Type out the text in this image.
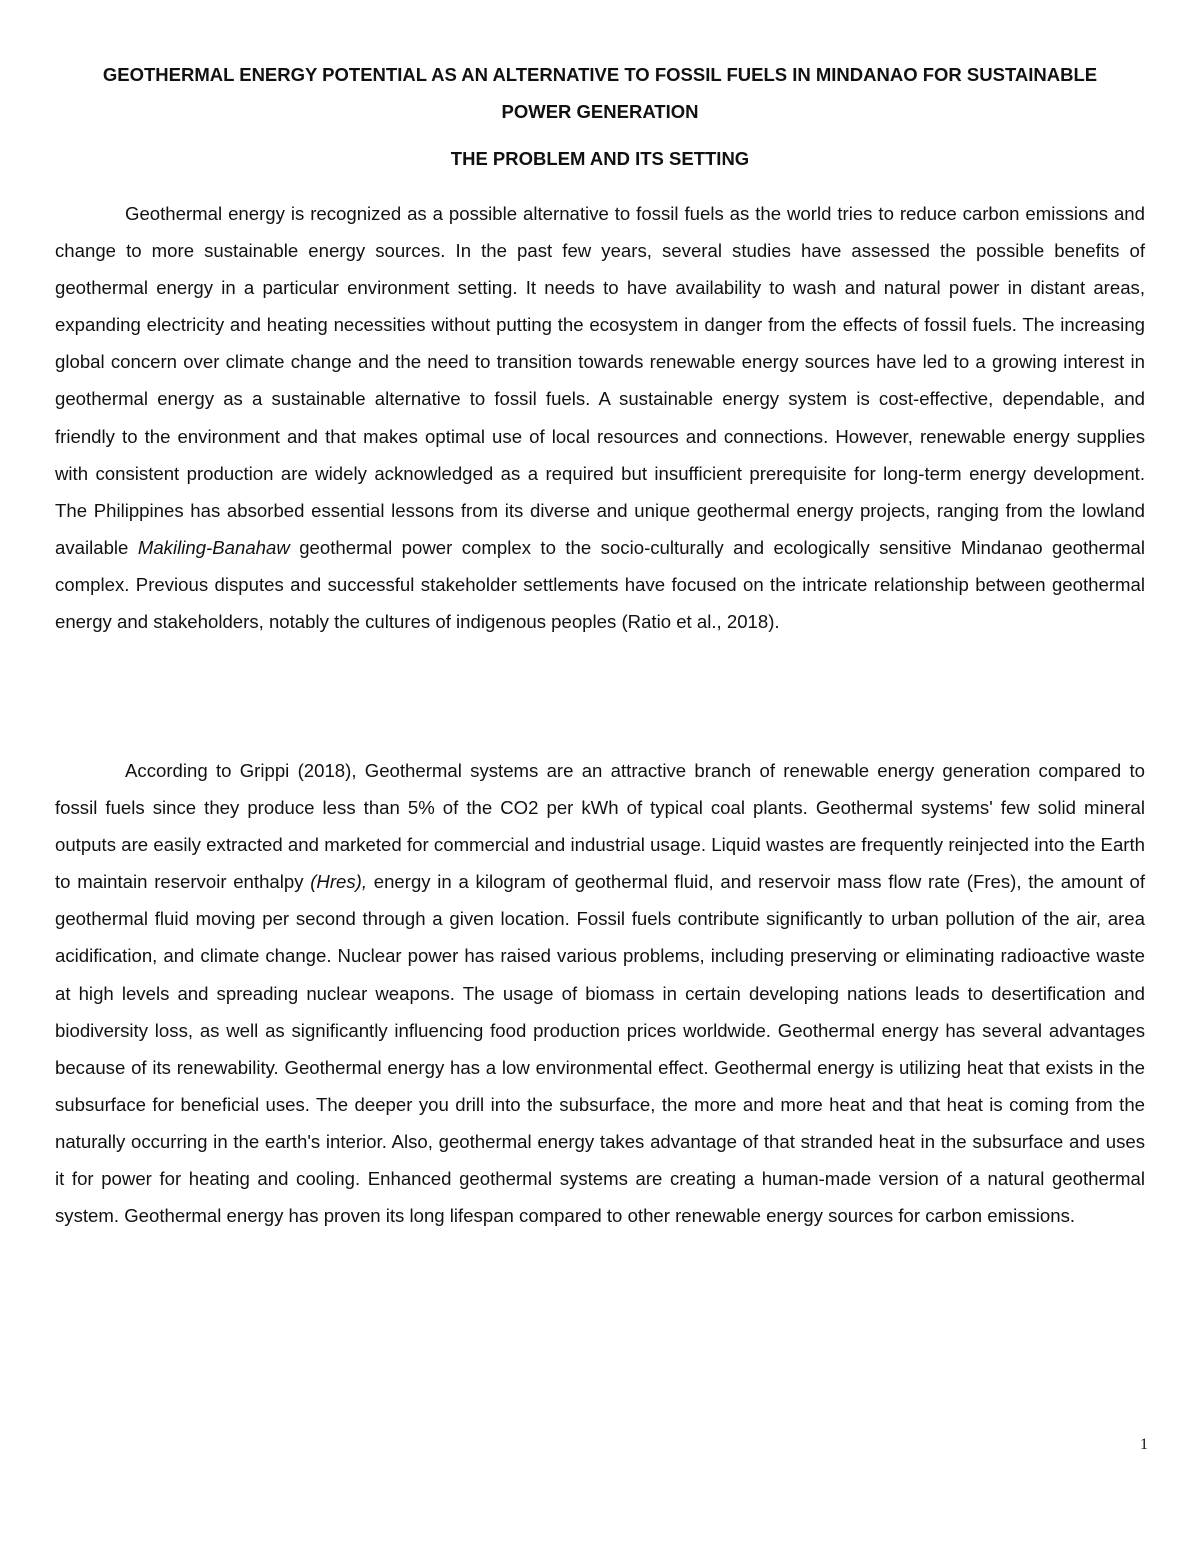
GEOTHERMAL ENERGY POTENTIAL AS AN ALTERNATIVE TO FOSSIL FUELS IN MINDANAO FOR SUSTAINABLE POWER GENERATION
THE PROBLEM AND ITS SETTING

Geothermal energy is recognized as a possible alternative to fossil fuels as the world tries to reduce carbon emissions and change to more sustainable energy sources. In the past few years, several studies have assessed the possible benefits of geothermal energy in a particular environment setting. It needs to have availability to wash and natural power in distant areas, expanding electricity and heating necessities without putting the ecosystem in danger from the effects of fossil fuels. The increasing global concern over climate change and the need to transition towards renewable energy sources have led to a growing interest in geothermal energy as a sustainable alternative to fossil fuels. A sustainable energy system is cost-effective, dependable, and friendly to the environment and that makes optimal use of local resources and connections. However, renewable energy supplies with consistent production are widely acknowledged as a required but insufficient prerequisite for long-term energy development. The Philippines has absorbed essential lessons from its diverse and unique geothermal energy projects, ranging from the lowland available Makiling-Banahaw geothermal power complex to the socio-culturally and ecologically sensitive Mindanao geothermal complex. Previous disputes and successful stakeholder settlements have focused on the intricate relationship between geothermal energy and stakeholders, notably the cultures of indigenous peoples (Ratio et al., 2018).

According to Grippi (2018), Geothermal systems are an attractive branch of renewable energy generation compared to fossil fuels since they produce less than 5% of the CO2 per kWh of typical coal plants. Geothermal systems' few solid mineral outputs are easily extracted and marketed for commercial and industrial usage. Liquid wastes are frequently reinjected into the Earth to maintain reservoir enthalpy (Hres), energy in a kilogram of geothermal fluid, and reservoir mass flow rate (Fres), the amount of geothermal fluid moving per second through a given location. Fossil fuels contribute significantly to urban pollution of the air, area acidification, and climate change. Nuclear power has raised various problems, including preserving or eliminating radioactive waste at high levels and spreading nuclear weapons. The usage of biomass in certain developing nations leads to desertification and biodiversity loss, as well as significantly influencing food production prices worldwide. Geothermal energy has several advantages because of its renewability. Geothermal energy has a low environmental effect. Geothermal energy is utilizing heat that exists in the subsurface for beneficial uses. The deeper you drill into the subsurface, the more and more heat and that heat is coming from the naturally occurring in the earth's interior. Also, geothermal energy takes advantage of that stranded heat in the subsurface and uses it for power for heating and cooling. Enhanced geothermal systems are creating a human-made version of a natural geothermal system. Geothermal energy has proven its long lifespan compared to other renewable energy sources for carbon emissions.

1
